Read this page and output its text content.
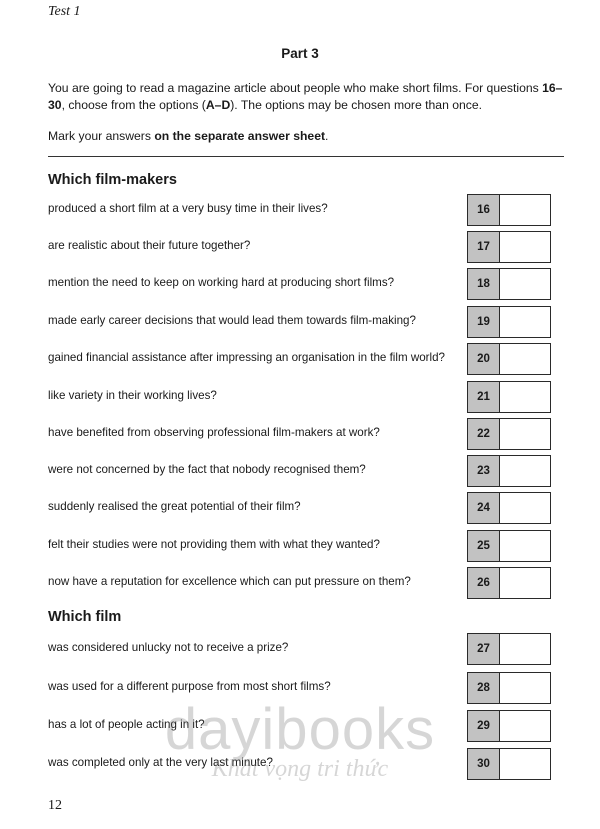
Test 1
Part 3

You are going to read a magazine article about people who make short films. For questions 16–30, choose from the options (A–D). The options may be chosen more than once.

Mark your answers on the separate answer sheet.

Which film-makers
produced a short film at a very busy time in their lives?	16
are realistic about their future together?	17
mention the need to keep on working hard at producing short films?	18
made early career decisions that would lead them towards film-making?	19
gained financial assistance after impressing an organisation in the film world?	20
like variety in their working lives?	21
have benefited from observing professional film-makers at work?	22
were not concerned by the fact that nobody recognised them?	23
suddenly realised the great potential of their film?	24
felt their studies were not providing them with what they wanted?	25
now have a reputation for excellence which can put pressure on them?	26
Which film
was considered unlucky not to receive a prize?	27
was used for a different purpose from most short films?	28
has a lot of people acting in it?	29
was completed only at the very last minute?	30
dayibooks
Khát vọng tri thức
12
